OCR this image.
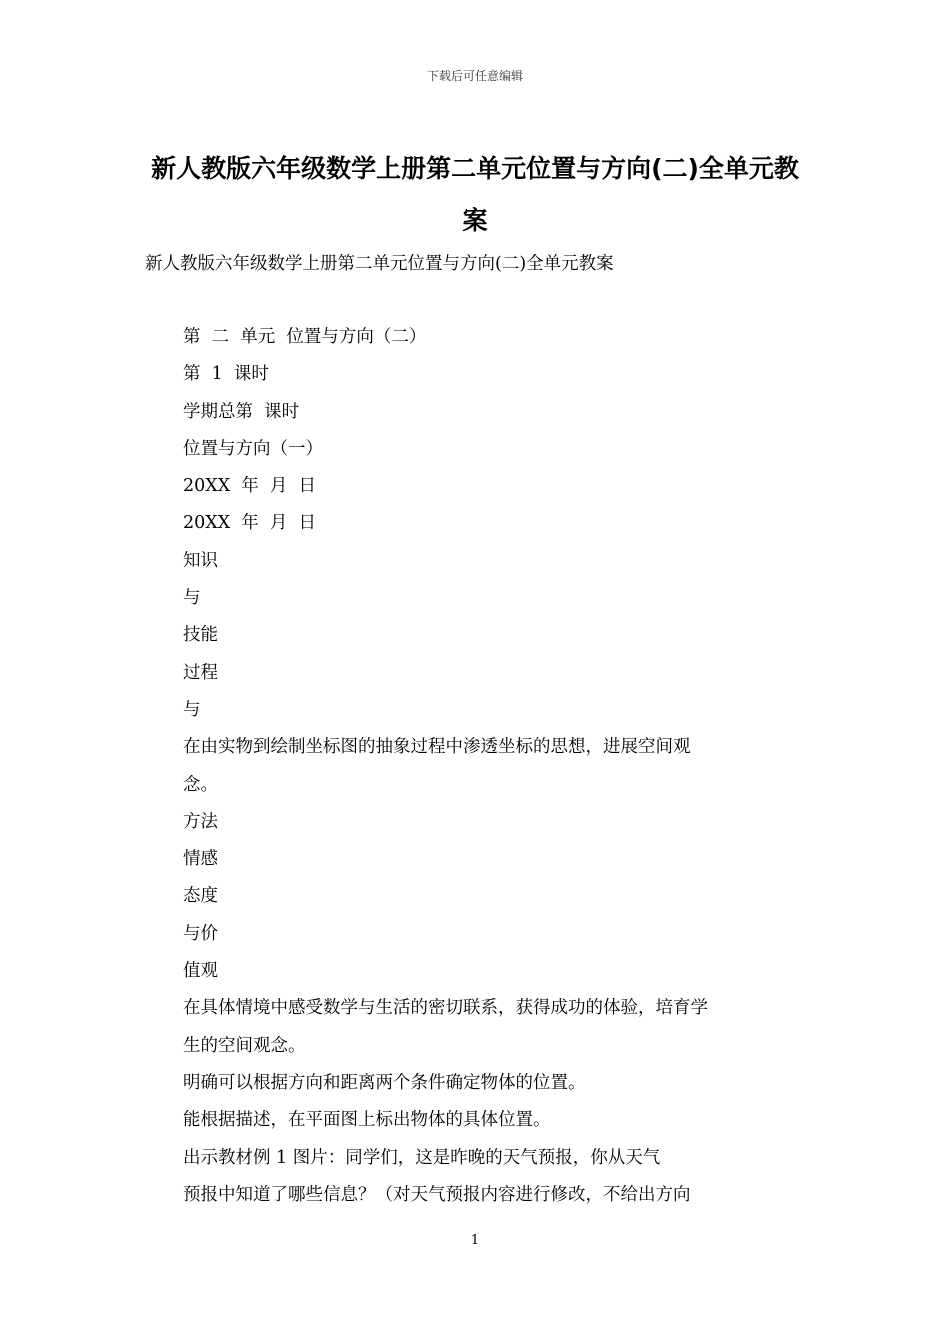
下载后可任意编辑
新人教版六年级数学上册第二单元位置与方向(二)全单元教案
新人教版六年级数学上册第二单元位置与方向(二)全单元教案
第  二  单元  位置与方向（二）
第  1  课时
学期总第  课时
位置与方向（一）
20XX  年  月  日
20XX  年  月  日
知识
与
技能
过程
与
在由实物到绘制坐标图的抽象过程中渗透坐标的思想，进展空间观
念。
方法
情感
态度
与价
值观
在具体情境中感受数学与生活的密切联系，获得成功的体验，培育学
生的空间观念。
明确可以根据方向和距离两个条件确定物体的位置。
能根据描述，在平面图上标出物体的具体位置。
出示教材例 1 图片：同学们，这是昨晚的天气预报，你从天气
预报中知道了哪些信息？（对天气预报内容进行修改，不给出方向
1
